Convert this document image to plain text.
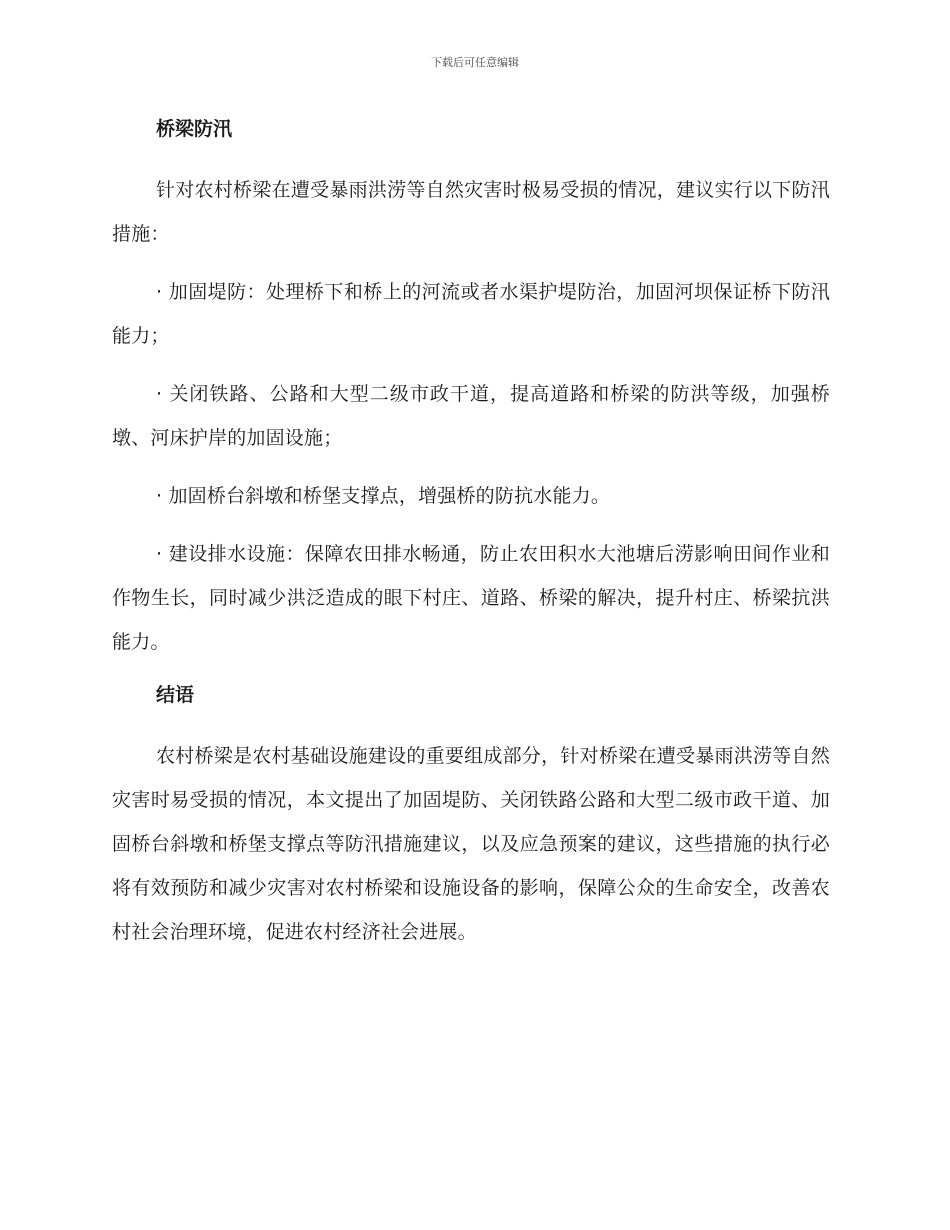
下载后可任意编辑
桥梁防汛

针对农村桥梁在遭受暴雨洪涝等自然灾害时极易受损的情况，建议实行以下防汛措施：

· 加固堤防：处理桥下和桥上的河流或者水渠护堤防治，加固河坝保证桥下防汛能力；

· 关闭铁路、公路和大型二级市政干道，提高道路和桥梁的防洪等级，加强桥墩、河床护岸的加固设施；

· 加固桥台斜墩和桥堡支撑点，增强桥的防抗水能力。

· 建设排水设施：保障农田排水畅通，防止农田积水大池塘后涝影响田间作业和作物生长，同时减少洪泛造成的眼下村庄、道路、桥梁的解决，提升村庄、桥梁抗洪能力。

结语

农村桥梁是农村基础设施建设的重要组成部分，针对桥梁在遭受暴雨洪涝等自然灾害时易受损的情况，本文提出了加固堤防、关闭铁路公路和大型二级市政干道、加固桥台斜墩和桥堡支撑点等防汛措施建议，以及应急预案的建议，这些措施的执行必将有效预防和减少灾害对农村桥梁和设施设备的影响，保障公众的生命安全，改善农村社会治理环境，促进农村经济社会进展。
